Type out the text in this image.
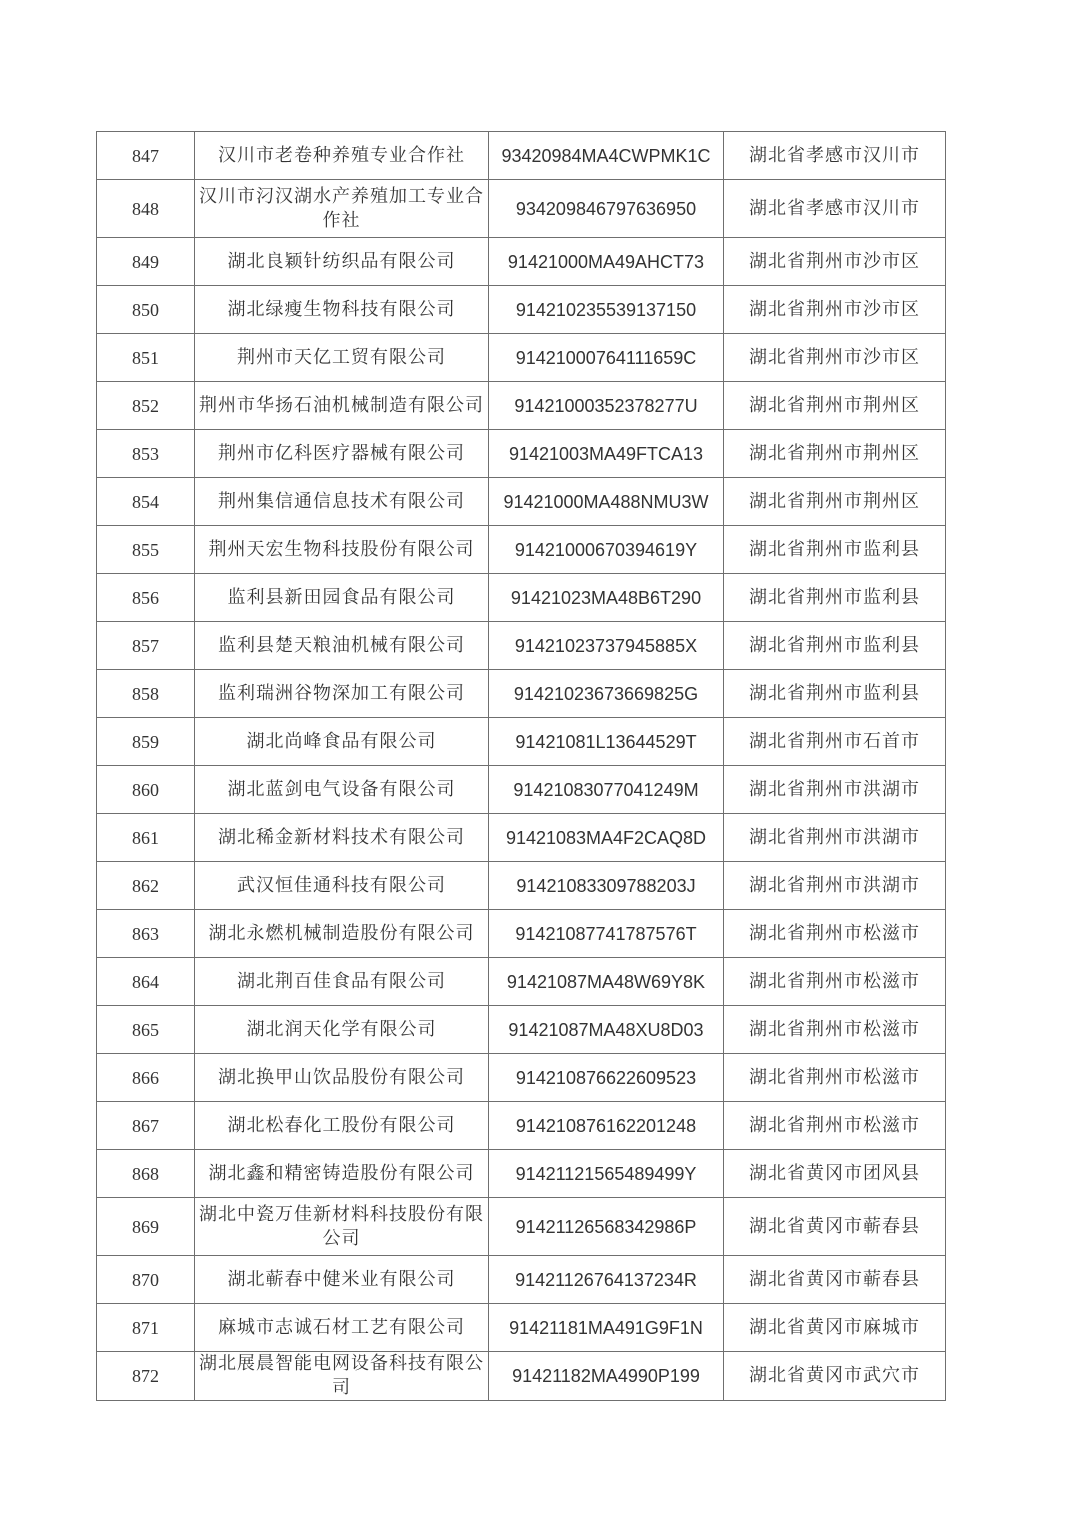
847	汉川市老卷种养殖专业合作社	93420984MA4CWPMK1C	湖北省孝感市汉川市
848	汉川市汈汉湖水产养殖加工专业合作社	934209846797636950	湖北省孝感市汉川市
849	湖北良颖针纺织品有限公司	91421000MA49AHCT73	湖北省荆州市沙市区
850	湖北绿瘦生物科技有限公司	914210235539137150	湖北省荆州市沙市区
851	荆州市天亿工贸有限公司	91421000764111659C	湖北省荆州市沙市区
852	荆州市华扬石油机械制造有限公司	91421000352378277U	湖北省荆州市荆州区
853	荆州市亿科医疗器械有限公司	91421003MA49FTCA13	湖北省荆州市荆州区
854	荆州集信通信息技术有限公司	91421000MA488NMU3W	湖北省荆州市荆州区
855	荆州天宏生物科技股份有限公司	91421000670394619Y	湖北省荆州市监利县
856	监利县新田园食品有限公司	91421023MA48B6T290	湖北省荆州市监利县
857	监利县楚天粮油机械有限公司	91421023737945885X	湖北省荆州市监利县
858	监利瑞洲谷物深加工有限公司	91421023673669825G	湖北省荆州市监利县
859	湖北尚峰食品有限公司	91421081L13644529T	湖北省荆州市石首市
860	湖北蓝剑电气设备有限公司	91421083077041249M	湖北省荆州市洪湖市
861	湖北稀金新材料技术有限公司	91421083MA4F2CAQ8D	湖北省荆州市洪湖市
862	武汉恒佳通科技有限公司	91421083309788203J	湖北省荆州市洪湖市
863	湖北永燃机械制造股份有限公司	91421087741787576T	湖北省荆州市松滋市
864	湖北荆百佳食品有限公司	91421087MA48W69Y8K	湖北省荆州市松滋市
865	湖北润天化学有限公司	91421087MA48XU8D03	湖北省荆州市松滋市
866	湖北换甲山饮品股份有限公司	914210876622609523	湖北省荆州市松滋市
867	湖北松春化工股份有限公司	914210876162201248	湖北省荆州市松滋市
868	湖北鑫和精密铸造股份有限公司	91421121565489499Y	湖北省黄冈市团风县
869	湖北中瓷万佳新材料科技股份有限公司	91421126568342986P	湖北省黄冈市蕲春县
870	湖北蕲春中健米业有限公司	91421126764137234R	湖北省黄冈市蕲春县
871	麻城市志诚石材工艺有限公司	91421181MA491G9F1N	湖北省黄冈市麻城市
872	湖北展晨智能电网设备科技有限公司	91421182MA4990P199	湖北省黄冈市武穴市
